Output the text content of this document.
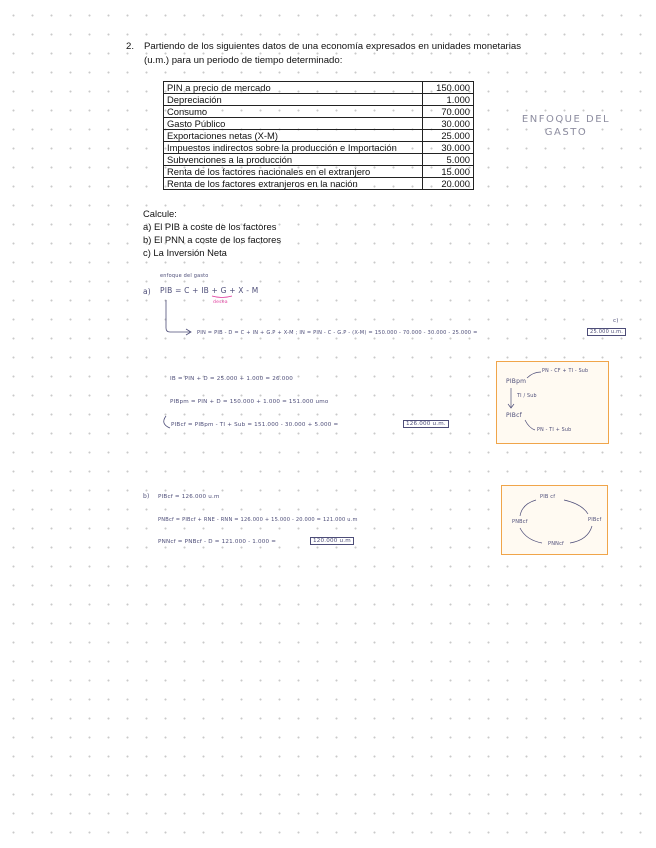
2. Partiendo de los siguientes datos de una economía expresados en unidades monetarias (u.m.) para un periodo de tiempo determinado:
PIN a precio de mercado	150.000
Depreciación	1.000
Consumo	70.000
Gasto Público	30.000
Exportaciones netas (X-M)	25.000
Impuestos indirectos sobre la producción e Importación	30.000
Subvenciones a la producción	5.000
Renta de los factores nacionales en el extranjero	15.000
Renta de los factores extranjeros en la nación	20.000
ENFOQUE DEL
GASTO
Calcule:
a) El PIB a coste de los factores
b) El PNN a coste de los factores
c) La Inversión Neta
enfoque del gasto
a) PIB = C + IB + G + X - M
desea
c)
PIN = PIB - D = C + IN + G.P + X-M ; IN = PIN - C - G.P - (X-M) = 150.000 - 70.000 - 30.000 - 25.000 =	25.000 u.m.
IB = PIN + D = 25.000 + 1.000 = 26.000
PIBpm = PIN + D = 150.000 + 1.000 = 151.000 umo
PIBcf = PIBpm - TI + Sub = 151.000 - 30.000 + 5.000 =	126.000 u.m.
PIBpm
PN - CF + TI - Sub
TI / Sub
PIBcf
PN - TI + Sub
b) PIBcf = 126.000 u.m
PNBcf = PIBcf + RNE - RNN = 126.000 + 15.000 - 20.000 = 121.000 u.m
PNNcf = PNBcf - D = 121.000 - 1.000 =	120.000 u.m
PIB cf
PNBcf	PIBcf
PNNcf
